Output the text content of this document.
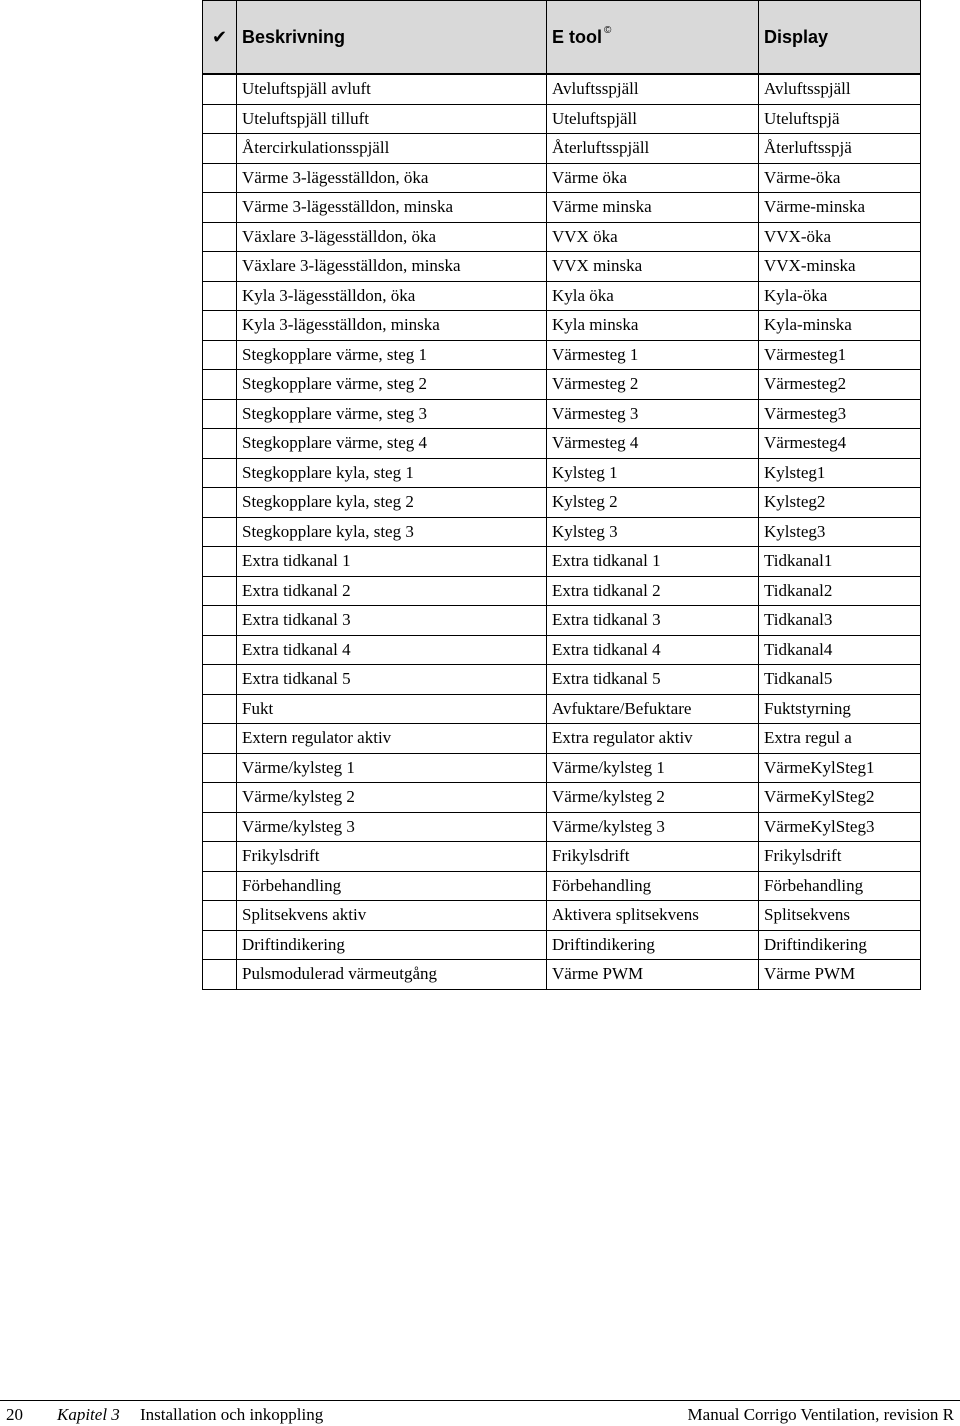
✔	Beskrivning	E tool ©	Display
	Uteluftspjäll avluft	Avluftsspjäll	Avluftsspjäll
	Uteluftspjäll tilluft	Uteluftspjäll	Uteluftspjä
	Återcirkulationsspjäll	Återluftsspjäll	Återluftsspjä
	Värme 3-lägesställdon, öka	Värme öka	Värme-öka
	Värme 3-lägesställdon, minska	Värme minska	Värme-minska
	Växlare 3-lägesställdon, öka	VVX öka	VVX-öka
	Växlare 3-lägesställdon, minska	VVX minska	VVX-minska
	Kyla 3-lägesställdon, öka	Kyla öka	Kyla-öka
	Kyla 3-lägesställdon, minska	Kyla minska	Kyla-minska
	Stegkopplare värme, steg 1	Värmesteg 1	Värmesteg1
	Stegkopplare värme, steg 2	Värmesteg 2	Värmesteg2
	Stegkopplare värme, steg 3	Värmesteg 3	Värmesteg3
	Stegkopplare värme, steg 4	Värmesteg 4	Värmesteg4
	Stegkopplare kyla, steg 1	Kylsteg 1	Kylsteg1
	Stegkopplare kyla, steg 2	Kylsteg 2	Kylsteg2
	Stegkopplare kyla, steg 3	Kylsteg 3	Kylsteg3
	Extra tidkanal 1	Extra tidkanal 1	Tidkanal1
	Extra tidkanal 2	Extra tidkanal 2	Tidkanal2
	Extra tidkanal 3	Extra tidkanal 3	Tidkanal3
	Extra tidkanal 4	Extra tidkanal 4	Tidkanal4
	Extra tidkanal 5	Extra tidkanal 5	Tidkanal5
	Fukt	Avfuktare/Befuktare	Fuktstyrning
	Extern regulator aktiv	Extra regulator aktiv	Extra regul a
	Värme/kylsteg 1	Värme/kylsteg 1	VärmeKylSteg1
	Värme/kylsteg 2	Värme/kylsteg 2	VärmeKylSteg2
	Värme/kylsteg 3	Värme/kylsteg 3	VärmeKylSteg3
	Frikylsdrift	Frikylsdrift	Frikylsdrift
	Förbehandling	Förbehandling	Förbehandling
	Splitsekvens aktiv	Aktivera splitsekvens	Splitsekvens
	Driftindikering	Driftindikering	Driftindikering
	Pulsmodulerad värmeutgång	Värme PWM	Värme PWM
20 Kapitel 3 Installation och inkoppling	Manual Corrigo Ventilation, revision R
